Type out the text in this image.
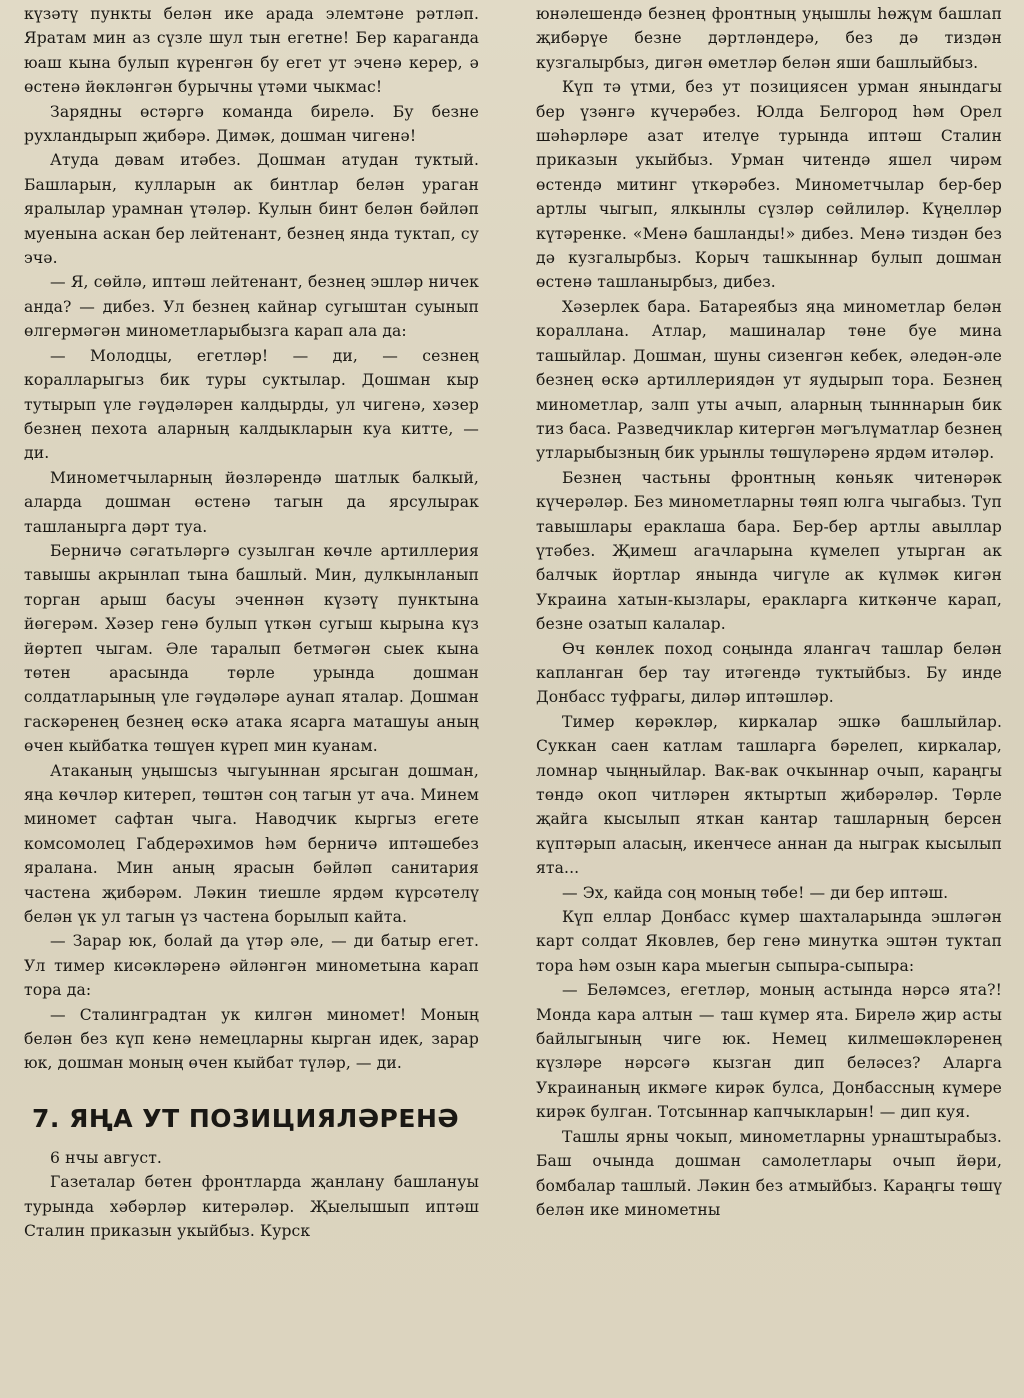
күзәтү пункты белән икe арада элемтәне рәтләп. Яратам мин аз сүзле шул тын егетне! Бер караганда юаш кына булып күренгән бу егет ут эченә керер, ә өстенә йөкләнгән бурычны үтәми чыкмас!

Зарядны өстәргә команда бирелә. Бу безне рухландырып җибәрә. Димәк, дошман чигенә!

Атуда дәвам итәбез. Дошман атудан туктый. Башларын, кулларын ак бинтлар белән ураган яралылар урамнан үтәләр. Кулын бинт белән бәйләп муенына аскан бер лейтенант, безнең янда туктап, су эчә.

— Я, сөйлә, иптәш лейтенант, безнең эшләр ничек анда? — дибез. Ул безнең кайнар сугыштан суынып өлгермәгән минометларыбызга карап ала да:

— Молодцы, егетләр! — ди, — сезнең коралларыгыз бик туры суктылар. Дошман кыр тутырып үле гәүдәләрен калдырды, ул чигенә, хәзер безнең пехота аларның калдыкларын куа китте, — ди.

Минометчыларның йөзләрендә шатлык балкый, аларда дошман өстенә тагын да ярсулырак ташланырга дәрт туа.

Берничә сәгатьләргә сузылган көчле артиллерия тавышы акрынлап тына башлый. Мин, дулкынланып торган арыш басуы эченнән күзәтү пунктына йөгерәм. Хәзер генә булып үткән сугыш кырына күз йөртеп чыгам. Әле таралып бетмәгән сыек кына төтен арасында төрле урында дошман солдатларының үле гәүдәләре аунап яталар. Дошман гаскәренең безнең өскә атака ясарга маташуы аның өчен кыйбатка төшүен күреп мин куанам.

Атаканың уңышсыз чыгуыннан ярсыган дошман, яңа көчләр китереп, төштән соң тагын ут ача. Минем миномет сафтан чыга. Наводчик кыргыз егете комсомолец Габдерәхимов һәм берничә иптәшебез яралана. Мин аның ярасын бәйләп санитария частена җибәрәм. Ләкин тиешле ярдәм күрсәтелү белән үк ул тагын үз частена борылып кайта.

— Зарар юк, болай да үтәр әле, — ди батыр егет. Ул тимер кисәкләренә әйләнгән минометына карап тора да:

— Сталинградтан ук килгән миномет! Моның белән без күп кенә немецларны кырган идек, зарар юк, дошман моның өчен кыйбат түләр, — ди.

7. ЯҢА УТ ПОЗИЦИЯЛӘРЕНӘ

6 нчы август.

Газеталар бөтен фронтларда җанлану башлануы турында хәбәрләр китерәләр. Җыелышып иптәш Сталин приказын укыйбыз. Курск

юнәлешендә безнең фронтның уңышлы һөҗүм башлап җибәрүе безне дәртләндерә, без дә тиздән кузгалырбыз, дигән өметләр белән яши башлыйбыз.

Күп тә үтми, без ут позициясен урман янындагы бер үзәнгә күчерәбез. Юлда Белгород һәм Орел шәһәрләре азат ителүе турында иптәш Сталин приказын укыйбыз. Урман читендә яшел чирәм өстендә митинг үткәрәбез. Минометчылар бер-бер артлы чыгып, ялкынлы сүзләр сөйлиләр. Күңелләр күтәренке. «Менә башланды!» дибез. Менә тиздән без дә кузгалырбыз. Корыч ташкыннар булып дошман өстенә ташланырбыз, дибез.

Хәзерлек бара. Батареябыз яңа минометлар белән коралланa. Атлар, машиналар төне буе мина ташыйлар. Дошман, шуны сизенгән кебек, әледән-әле безнең өскә артиллериядән ут яудырып тора. Безнең минометлар, залп уты ачып, аларның тынннарын бик тиз баса. Разведчиклар китергән мәгълүматлар безнең утларыбызның бик урынлы төшүләренә ярдәм итәләр.

Безнең частьны фронтның көньяк читенәрәк күчерәләр. Без минометларны төяп юлга чыгабыз. Туп тавышлары ераклаша бара. Бер-бер артлы авыллар үтәбез. Җимеш агачларына күмелеп утырган ак балчык йортлар янында чигүле ак күлмәк кигән Украина хатын-кызлары, еракларга киткәнче карап, безне озатып калалар.

Өч көнлек поход соңында ялангач ташлар белән капланган бер тау итәгендә туктыйбыз. Бу инде Донбасс туфрагы, диләр иптәшләр.

Тимер көрәкләр, киркалар эшкә башлыйлар. Суккан саен катлам ташларга бәрелеп, киркалар, ломнар чыңныйлар. Вак-вак очкыннар очып, караңгы төндә окоп читләрен яктыртып җибәрәләр. Төрле җайга кысылып яткан кантар ташларның берсен күптәрып аласың, икенчесе аннан да ныграк кысылып ята...

— Эх, кайда соң моның төбе! — ди бер иптәш.

Күп еллар Донбасс күмер шахталарында эшләгән карт солдат Яковлев, бер генә минутка эштән туктап тора һәм озын кара мыегын сыпыра-сыпыра:

— Беләмсез, егетләр, моның астында нәрсә ята?! Монда кара алтын — таш күмер ята. Бирелә җир асты байлыгының чиге юк. Немец килмешәкләренең күзләре нәрсәгә кызган дип беләсез? Аларга Украинаның икмәге кирәк булса, Донбассның күмере кирәк булган. Тотсыннар капчыкларын! — дип куя.

Ташлы ярны чокып, минометларны урнаштырабыз. Баш очында дошман самолетлары очып йөри, бомбалар ташлый. Ләкин без атмыйбыз. Караңгы төшү белән ике минометны
